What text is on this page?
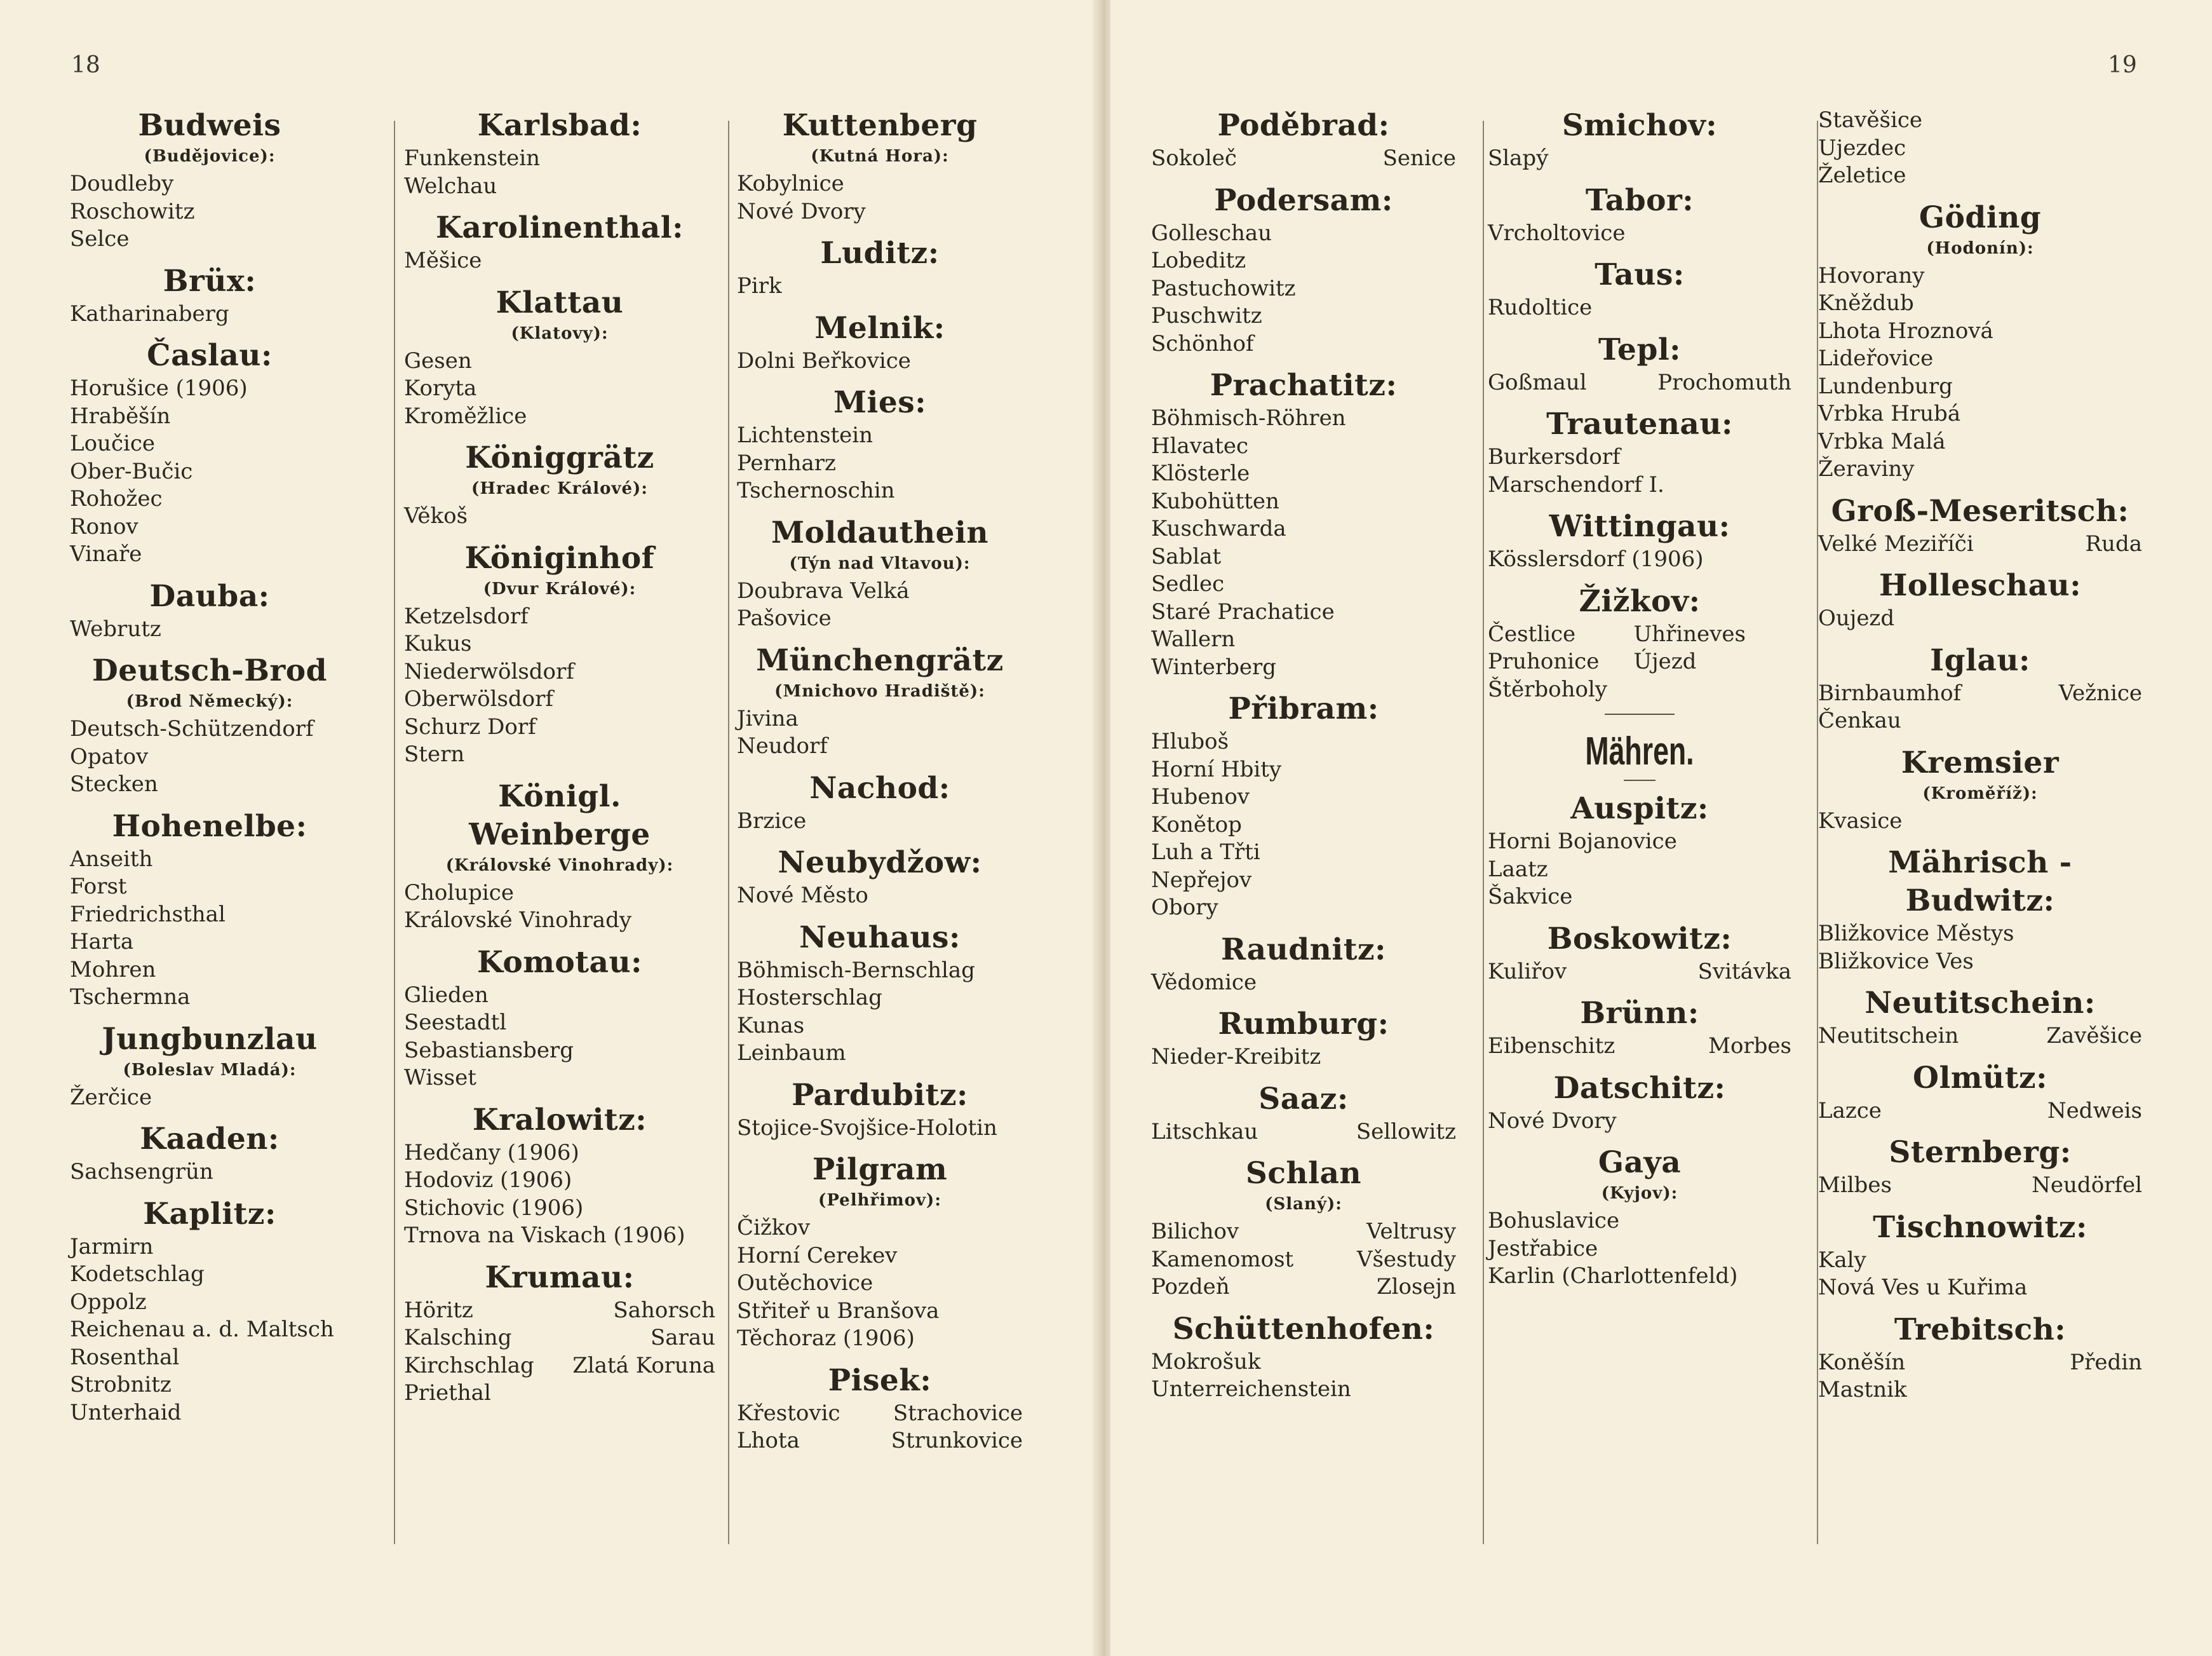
18
Budweis
(Budějovice):
Doudleby
Roschowitz
Selce
Brüx:
Katharinaberg
Časlau:
Horušice (1906)
Hraběšín
Loučice
Ober-Bučic
Rohožec
Ronov
Vinaře
Dauba:
Webrutz
Deutsch-Brod
(Brod Německý):
Deutsch-Schützendorf
Opatov
Stecken
Hohenelbe:
Anseith
Forst
Friedrichsthal
Harta
Mohren
Tschermna
Jungbunzlau
(Boleslav Mladá):
Žerčice
Kaaden:
Sachsengrün
Kaplitz:
Jarmirn
Kodetschlag
Oppolz
Reichenau a. d. Maltsch
Rosenthal
Strobnitz
Unterhaid
Karlsbad:
Funkenstein
Welchau
Karolinenthal:
Měšice
Klattau
(Klatovy):
Gesen
Koryta
Kroměžlice
Königgrätz
(Hradec Králové):
Věkoš
Königinhof
(Dvur Králové):
Ketzelsdorf
Kukus
Niederwölsdorf
Oberwölsdorf
Schurz Dorf
Stern
Königl. Weinberge
(Královské Vinohrady):
Cholupice
Královské Vinohrady
Komotau:
Glieden
Seestadtl
Sebastiansberg
Wisset
Kralowitz:
Hedčany (1906)
Hodoviz (1906)
Stichovic (1906)
Trnova na Viskach (1906)
Krumau:
Höritz	Sahorsch
Kalsching	Sarau
Kirchschlag Zlatá Koruna
Priethal
Kuttenberg
(Kutná Hora):
Kobylnice
Nové Dvory
Luditz:
Pirk
Melnik:
Dolni Beřkovice
Mies:
Lichtenstein
Pernharz
Tschernoschin
Moldauthein
(Týn nad Vltavou):
Doubrava Velká
Pašovice
Münchengrätz
(Mnichovo Hradiště):
Jivina
Neudorf
Nachod:
Brzice
Neubydžow:
Nové Město
Neuhaus:
Böhmisch-Bernschlag
Hosterschlag
Kunas
Leinbaum
Pardubitz:
Stojice-Svojšice-Holotin
Pilgram
(Pelhřimov):
Čižkov
Horní Cerekev
Outěchovice
Střiteř u Branšova
Těchoraz (1906)
Pisek:
Křestovic Strachovice
Lhota	Strunkovice
19
Poděbrad:
Sokoleč	Senice
Podersam:
Golleschau
Lobeditz
Pastuchowitz
Puschwitz
Schönhof
Prachatitz:
Böhmisch-Röhren
Hlavatec
Klösterle
Kubohütten
Kuschwarda
Sablat
Sedlec
Staré Prachatice
Wallern
Winterberg
Přibram:
Hluboš
Horní Hbity
Hubenov
Konětop
Luh a Třti
Nepřejov
Obory
Raudnitz:
Vědomice
Rumburg:
Nieder-Kreibitz
Saaz:
Litschkau	Sellowitz
Schlan
(Slaný):
Bilichov	Veltrusy
Kamenomost	Všestudy
Pozdeň	Zlosejn
Schüttenhofen:
Mokrošuk
Unterreichenstein
Smichov:
Slapý
Tabor:
Vrcholtovice
Taus:
Rudoltice
Tepl:
Goßmaul	Prochomuth
Trautenau:
Burkersdorf
Marschendorf I.
Wittingau:
Kösslersdorf (1906)
Žižkov:
Čestlice	Uhřineves
Pruhonice	Újezd
Štěrboholy
Mähren.
Auspitz:
Horni Bojanovice
Laatz
Šakvice
Boskowitz:
Kuliřov	Svitávka
Brünn:
Eibenschitz	Morbes
Datschitz:
Nové Dvory
Gaya
(Kyjov):
Bohuslavice
Jestřabice
Karlin (Charlottenfeld)
Stavěšice
Ujezdec
Želetice
Göding
(Hodonín):
Hovorany
Kněždub
Lhota Hroznová
Lideřovice
Lundenburg
Vrbka Hrubá
Vrbka Malá
Žeraviny
Groß-Meseritsch:
Velké Meziříči	Ruda
Holleschau:
Oujezd
Iglau:
Birnbaumhof	Vežnice
Čenkau
Kremsier
(Kroměříž):
Kvasice
Mährisch - Budwitz:
Bližkovice Městys
Bližkovice Ves
Neutitschein:
Neutitschein	Zavěšice
Olmütz:
Lazce	Nedweis
Sternberg:
Milbes	Neudörfel
Tischnowitz:
Kaly
Nová Ves u Kuřima
Trebitsch:
Koněšín	Předin
Mastnik
